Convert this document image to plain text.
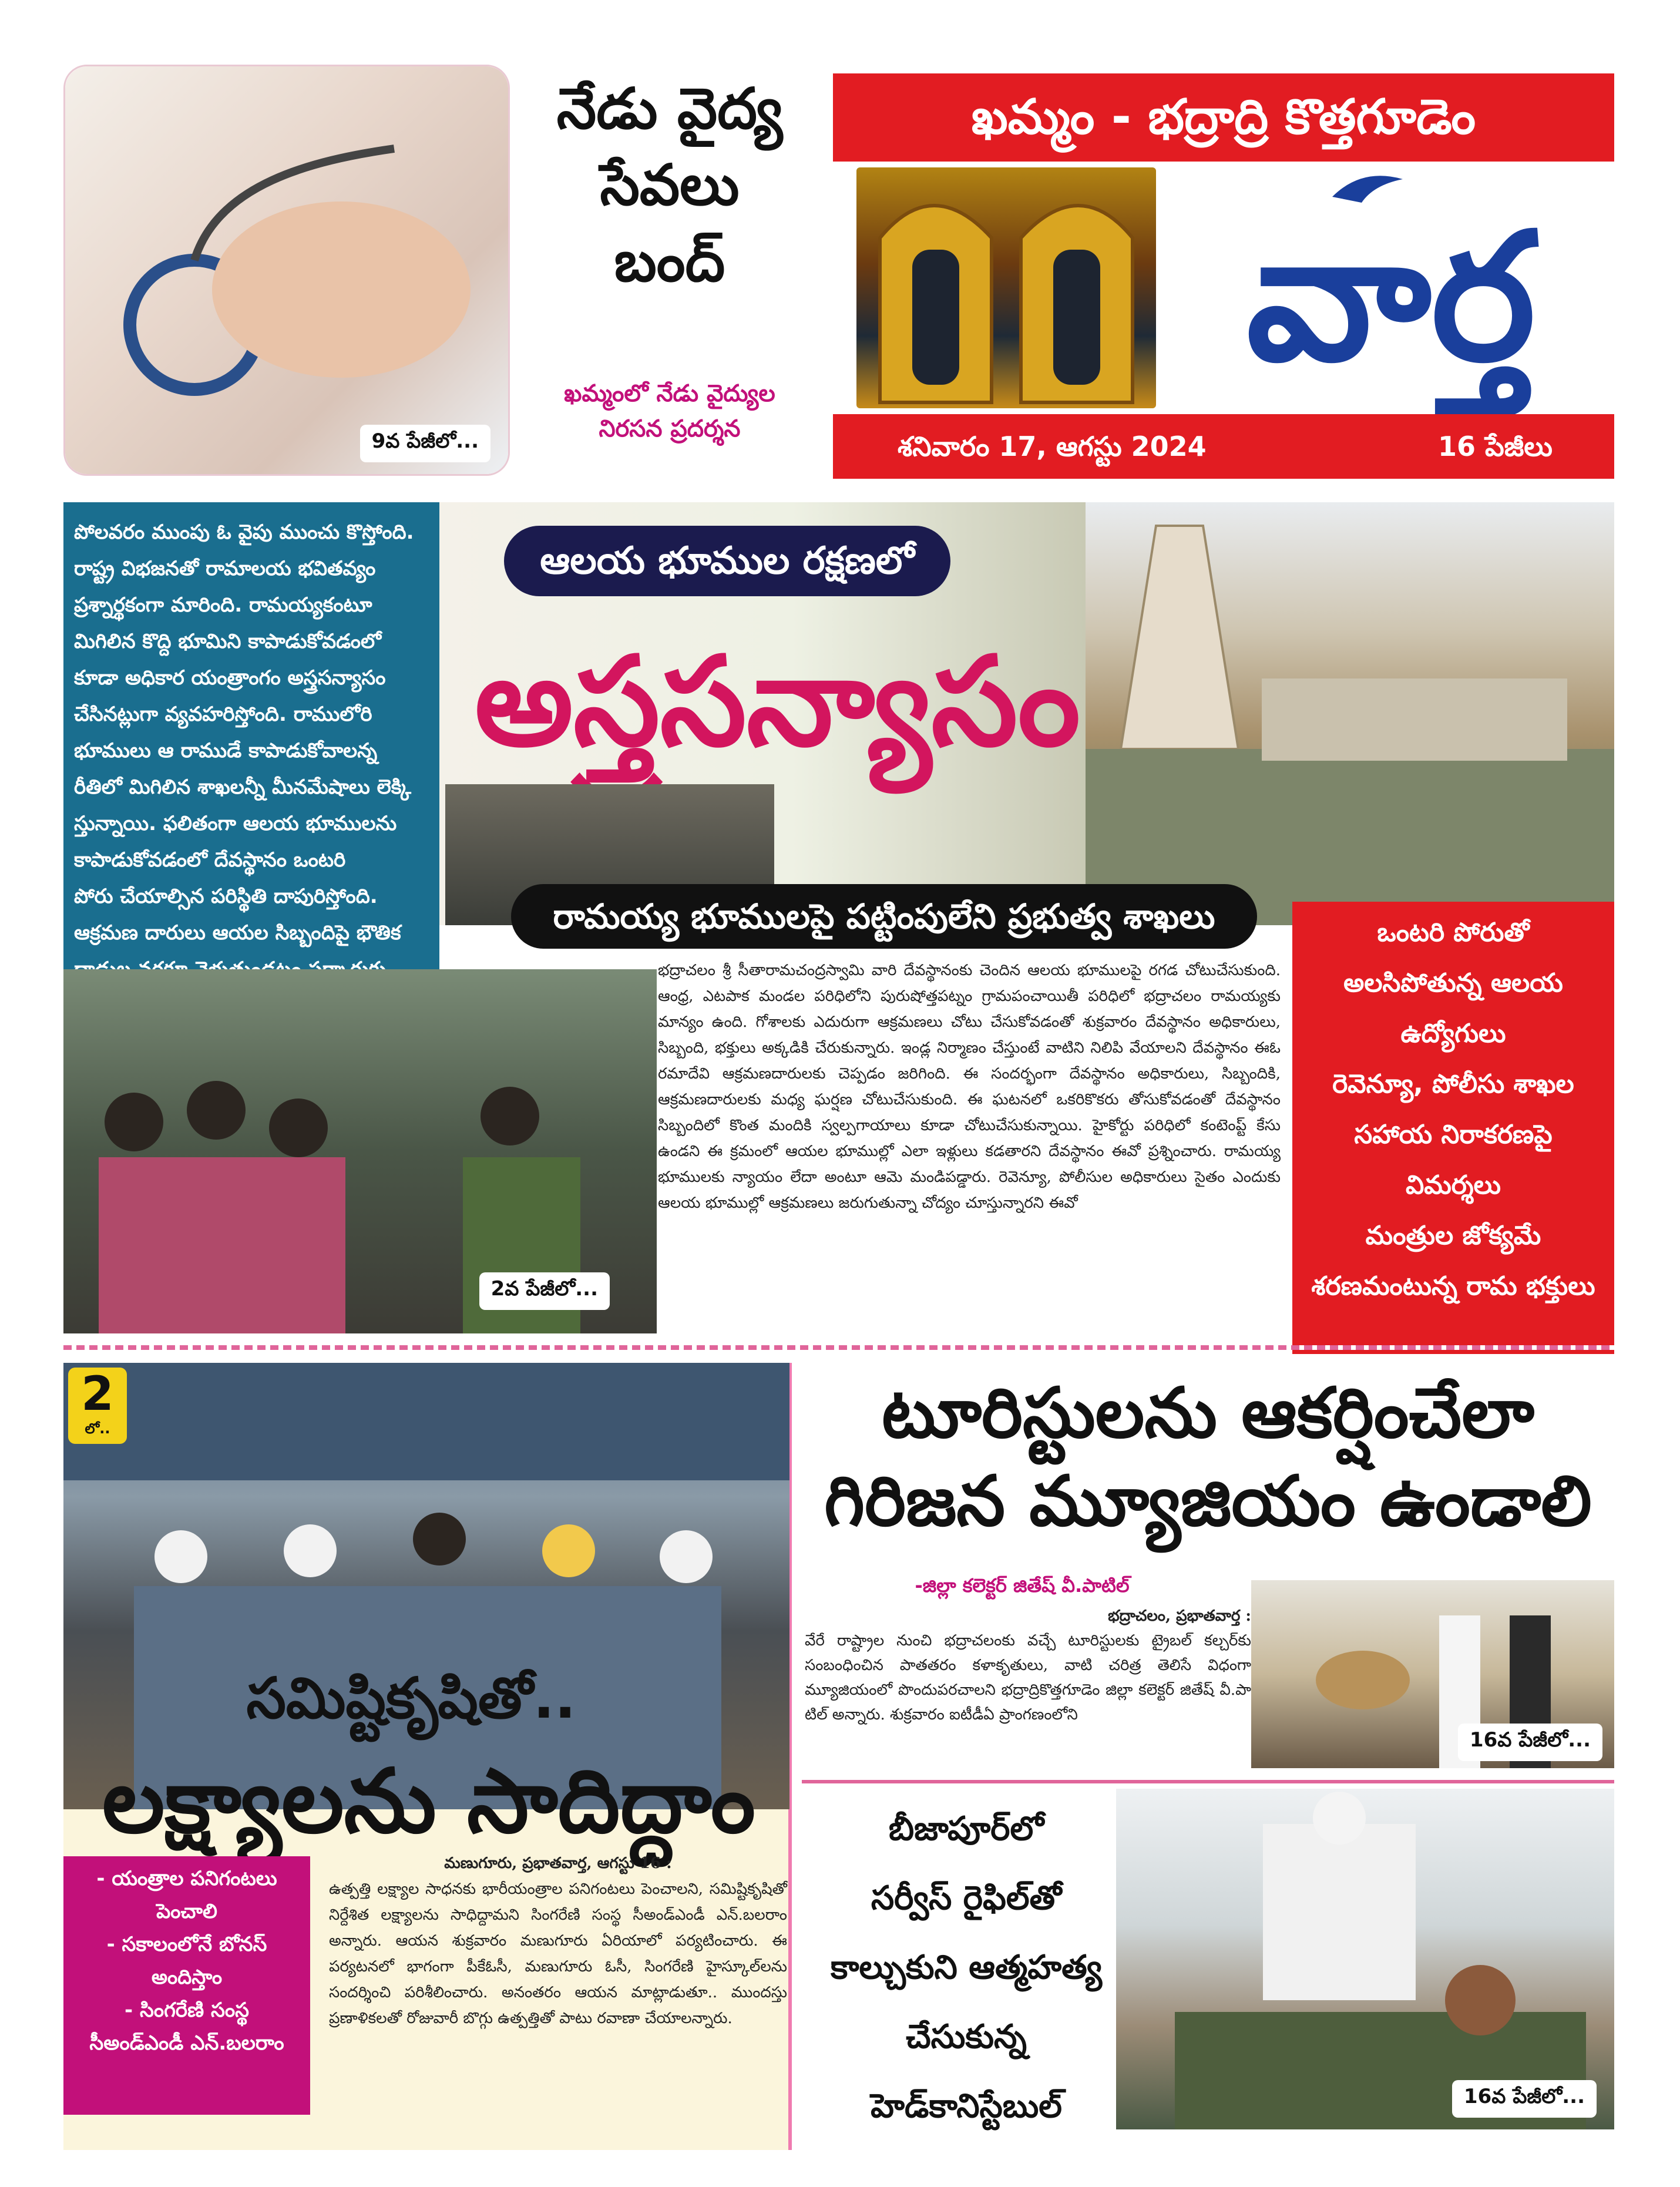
9వ పేజీలో...
నేడు వైద్య
సేవలు
బంద్
ఖమ్మంలో నేడు వైద్యుల
నిరసన ప్రదర్శన
ఖమ్మం - భద్రాద్రి కొత్తగూడెం
వార్త
శనివారం 17, ఆగస్టు 2024	16 పేజీలు
పోలవరం ముంపు ఓ వైపు ముంచు కొస్తోంది.
రాష్ట్ర విభజనతో రామాలయ భవితవ్యం
ప్రశ్నార్థకంగా మారింది. రామయ్యకంటూ
మిగిలిన కొద్ది భూమిని కాపాడుకోవడంలో
కూడా అధికార యంత్రాంగం అస్త్రసన్యాసం
చేసినట్లుగా వ్యవహరిస్తోంది. రాములోరి
భూములు ఆ రాముడే కాపాడుకోవాలన్న
రీతిలో మిగిలిన శాఖలన్నీ మీనమేషాలు లెక్కి
స్తున్నాయి. ఫలితంగా ఆలయ భూములను
కాపాడుకోవడంలో దేవస్థానం ఒంటరి
పోరు చేయాల్సిన పరిస్థితి దాపురిస్తోంది.
ఆక్రమణ దారులు ఆయల సిబ్బందిపై భౌతిక
ఆలయ భూముల రక్షణలో
అస్త్రసన్యాసం
రామయ్య భూములపై పట్టింపులేని ప్రభుత్వ శాఖలు	ఒంటరి పోరుతో
అలసిపోతున్న ఆలయ
ఉద్యోగులు
రెవెన్యూ, పోలీసు శాఖల
సహాయ నిరాకరణపై
విమర్శలు
మంత్రుల జోక్యమే
శరణమంటున్న రామ భక్తులు
2వ పేజీలో...
భద్రాచలం శ్రీ సీతారామచంద్రస్వామి వారి దేవస్థానంకు చెందిన ఆలయ భూములపై రగడ చోటుచేసుకుంది. ఆంధ్ర, ఎటపాక మండల పరిధిలోని పురుషోత్తపట్నం గ్రామపంచాయితీ పరిధిలో భద్రాచలం రామయ్యకు మాన్యం ఉంది. గోశాలకు ఎదురుగా ఆక్రమణలు చోటు చేసుకోవడంతో శుక్రవారం దేవస్థానం అధికారులు, సిబ్బంది, భక్తులు అక్కడికి చేరుకున్నారు. ఇండ్ల నిర్మాణం చేస్తుంటే వాటిని నిలిపి వేయాలని దేవస్థానం ఈఓ రమాదేవి ఆక్రమణదారులకు చెప్పడం జరిగింది. ఈ సందర్భంగా దేవస్థానం అధికారులు, సిబ్బందికి, ఆక్రమణదారులకు మధ్య ఘర్షణ చోటుచేసుకుంది. ఈ ఘటనలో ఒకరికొకరు తోసుకోవడంతో దేవస్థానం సిబ్బందిలో కొంత మందికి స్వల్పగాయాలు కూడా చోటుచేసుకున్నాయి. హైకోర్టు పరిధిలో కంటెంప్ట్ కేసు ఉండని ఈ క్రమంలో ఆయల భూముల్లో ఎలా ఇళ్లులు కడతారని దేవస్థానం ఈవో ప్రశ్నించారు. రామయ్య భూములకు న్యాయం లేదా అంటూ ఆమె మండిపడ్డారు. రెవెన్యూ, పోలీసుల అధికారులు సైతం ఎందుకు ఆలయ భూముల్లో ఆక్రమణలు జరుగుతున్నా చోద్యం చూస్తున్నారని ఈవో
2
లో..
సమిష్టికృషితో..
లక్ష్యాలను సాదిద్దాం
- యంత్రాల పనిగంటలు
పెంచాలి
- సకాలంలోనే బోనస్
అందిస్తాం
- సింగరేణి సంస్థ
సీఅండ్ఎండీ ఎన్.బలరాం
మణుగూరు, ప్రభాతవార్త, ఆగస్టు 16 :
ఉత్పత్తి లక్ష్యాల సాధనకు భారీయంత్రాల పనిగంటలు పెంచాలని, సమిష్టికృషితో నిర్దేశిత లక్ష్యాలను సాధిద్దామని సింగరేణి సంస్థ సీఅండ్ఎండీ ఎన్.బలరాం అన్నారు. ఆయన శుక్రవారం మణుగూరు ఏరియాలో పర్యటించారు. ఈ పర్యటనలో భాగంగా పీకేఓసీ, మణుగూరు ఓసీ, సింగరేణి హైస్కూల్‌లను సందర్శించి పరిశీలించారు. అనంతరం ఆయన మాట్లాడుతూ.. ముందస్తు ప్రణాళికలతో రోజువారీ బొగ్గు ఉత్పత్తితో పాటు రవాణా చేయాలన్నారు.
టూరిస్టులను ఆకర్షించేలా
గిరిజన మ్యూజియం ఉండాలి
-జిల్లా కలెక్టర్ జితేష్ వీ.పాటిల్
భద్రాచలం, ప్రభాతవార్త :
వేరే రాష్ట్రాల నుంచి భద్రాచలంకు వచ్చే టూరిస్టులకు ట్రైబల్ కల్చర్‌కు సంబంధించిన పాతతరం కళాకృతులు, వాటి చరిత్ర తెలిసే విధంగా మ్యూజియంలో పొందుపరచాలని భద్రాద్రికొత్తగూడెం జిల్లా కలెక్టర్ జితేష్ వీ.పా టిల్ అన్నారు. శుక్రవారం ఐటీడీఏ ప్రాంగణంలోని
16వ పేజీలో...
బీజాపూర్‌లో
సర్వీస్ రైఫిల్‌తో
కాల్చుకుని ఆత్మహత్య
చేసుకున్న
హెడ్‌కానిస్టేబుల్	16వ పేజీలో...
